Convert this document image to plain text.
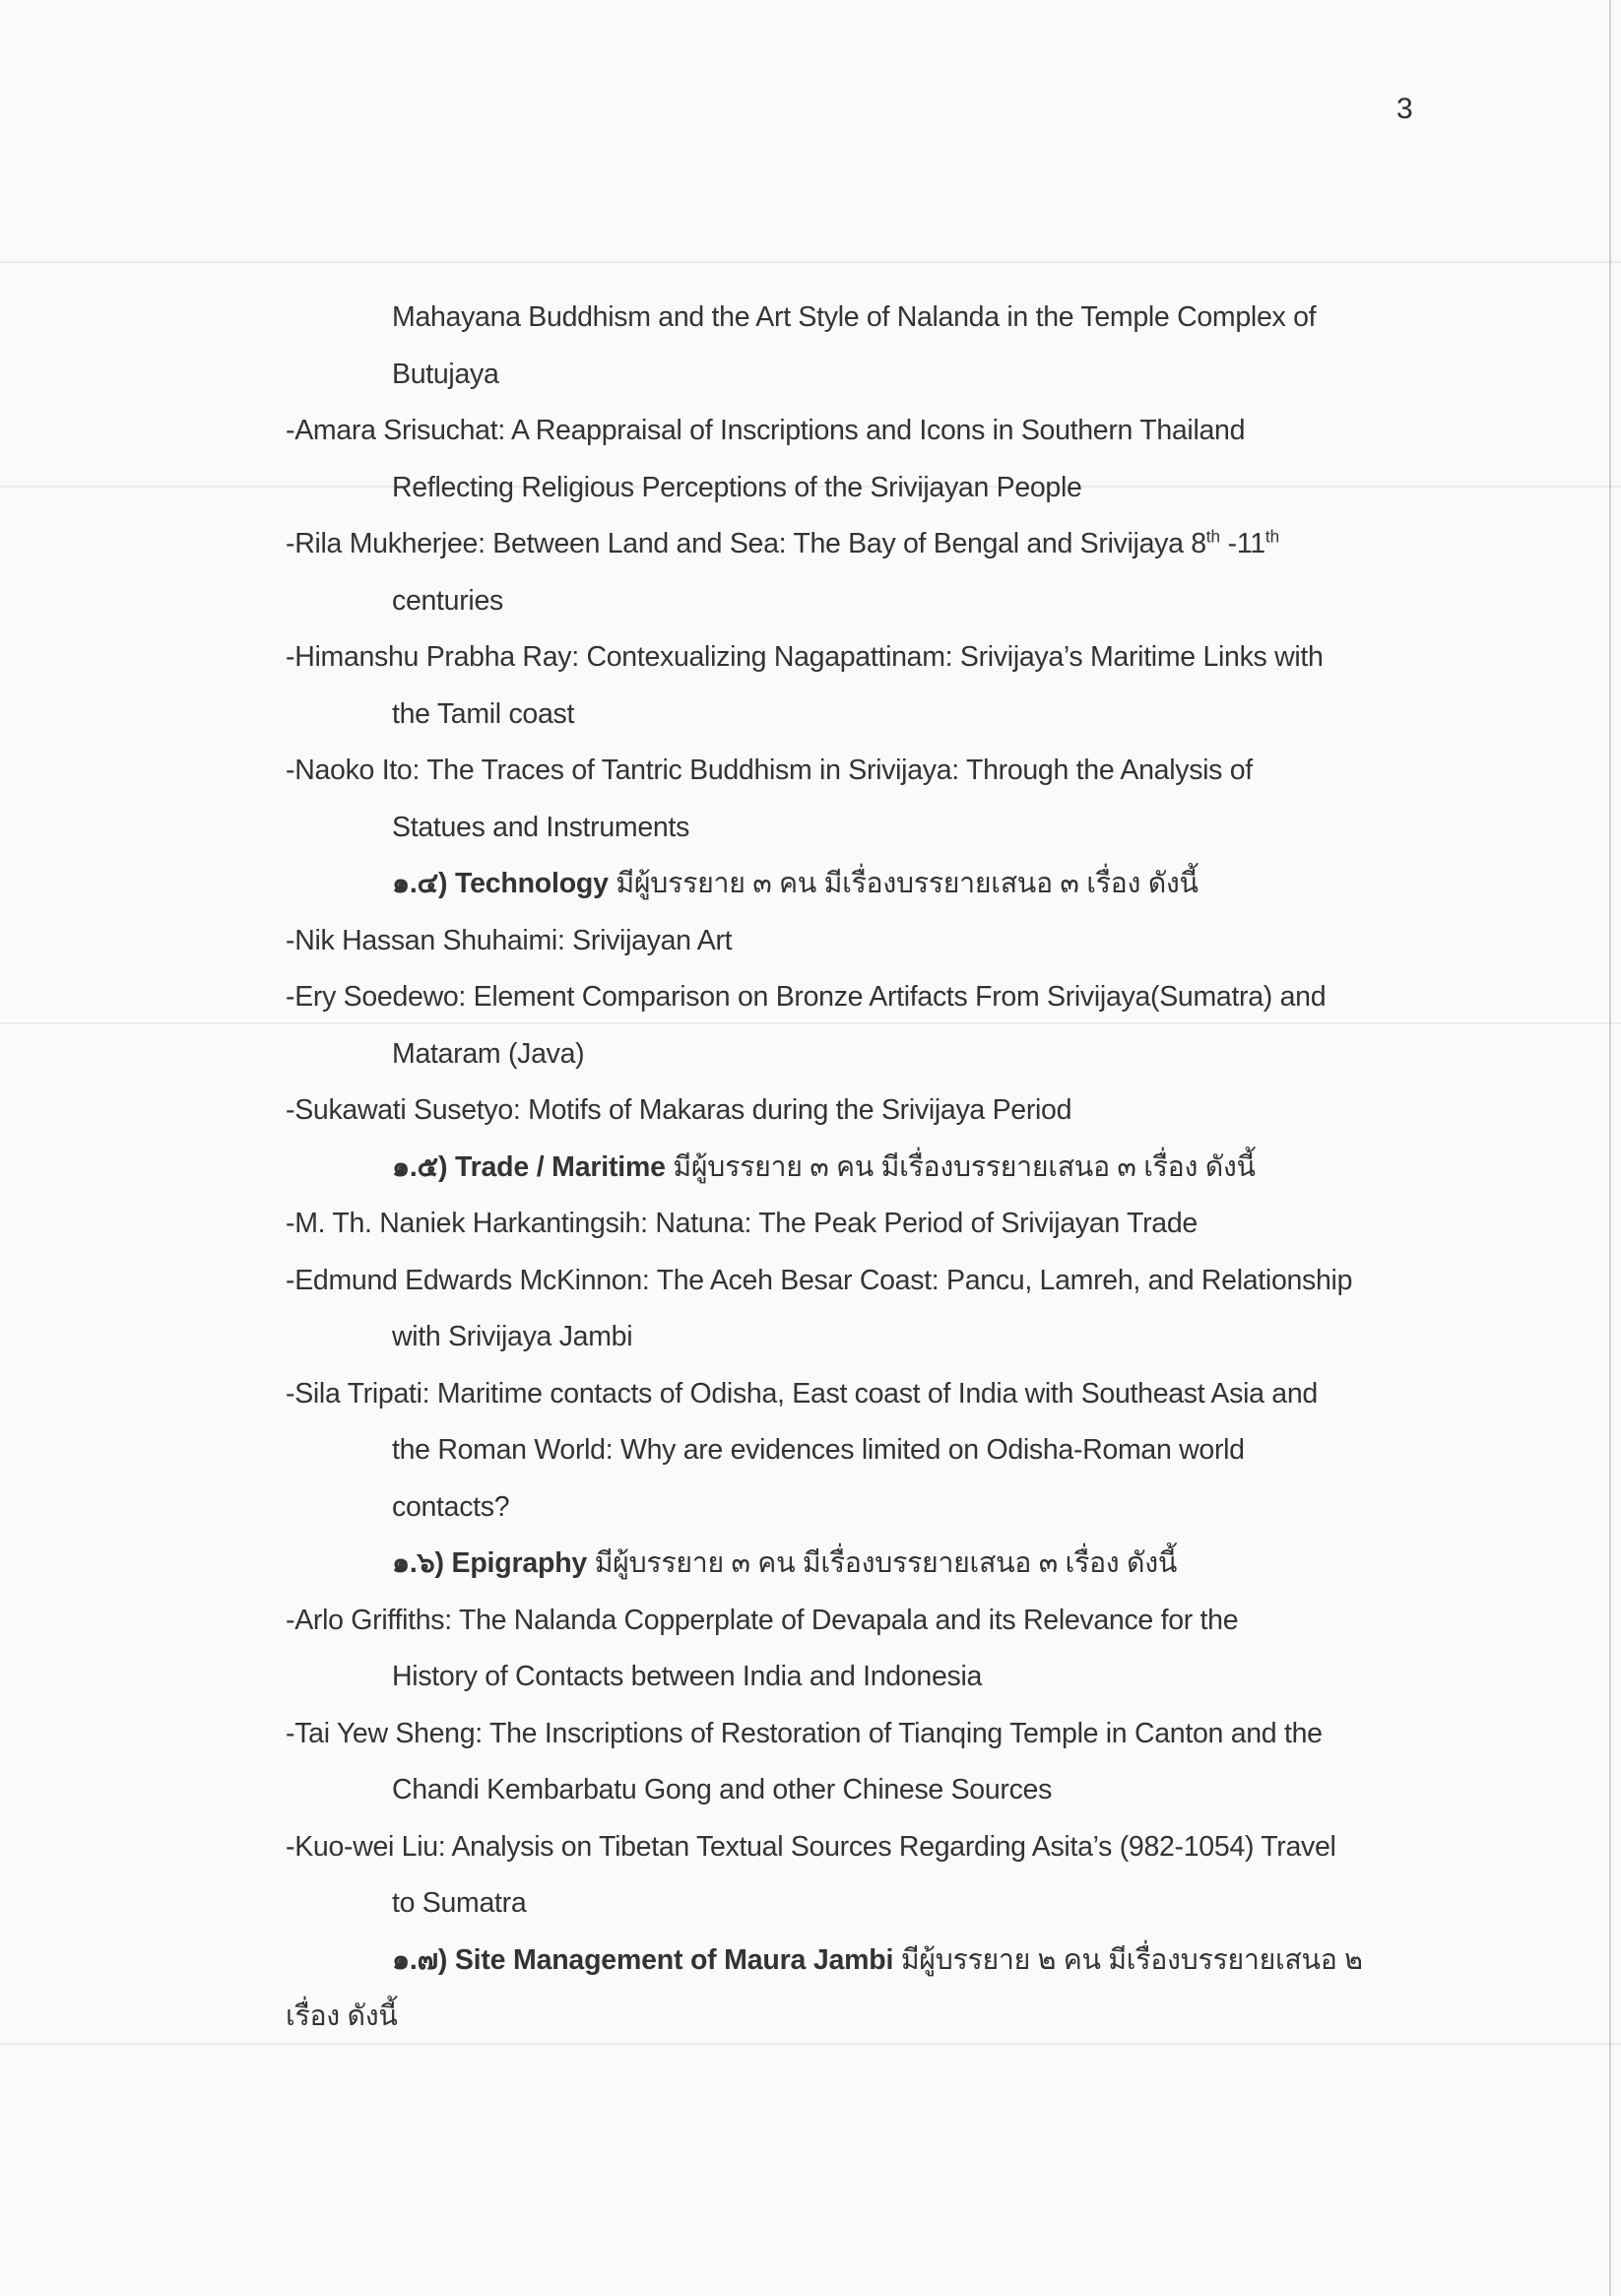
3
Mahayana Buddhism and the Art Style of Nalanda in the Temple Complex of
Butujaya
-Amara Srisuchat: A Reappraisal of Inscriptions and Icons in Southern Thailand
Reflecting Religious Perceptions of the Srivijayan People
-Rila Mukherjee: Between Land and Sea: The Bay of Bengal and Srivijaya 8th -11th
centuries
-Himanshu Prabha Ray: Contexualizing Nagapattinam: Srivijaya’s Maritime Links with
the Tamil coast
-Naoko Ito: The Traces of Tantric Buddhism in Srivijaya: Through the Analysis of
Statues and Instruments
๑.๔) Technology มีผู้บรรยาย ๓ คน มีเรื่องบรรยายเสนอ ๓ เรื่อง ดังนี้
-Nik Hassan Shuhaimi: Srivijayan Art
-Ery Soedewo: Element Comparison on Bronze Artifacts From Srivijaya(Sumatra) and
Mataram (Java)
-Sukawati Susetyo: Motifs of Makaras during the Srivijaya Period
๑.๕) Trade / Maritime มีผู้บรรยาย ๓ คน มีเรื่องบรรยายเสนอ ๓ เรื่อง ดังนี้
-M. Th. Naniek Harkantingsih: Natuna: The Peak Period of Srivijayan Trade
-Edmund Edwards McKinnon: The Aceh Besar Coast: Pancu, Lamreh, and Relationship
with Srivijaya Jambi
-Sila Tripati: Maritime contacts of Odisha, East coast of India with Southeast Asia and
the Roman World: Why are evidences limited on Odisha-Roman world
contacts?
๑.๖) Epigraphy มีผู้บรรยาย ๓ คน มีเรื่องบรรยายเสนอ ๓ เรื่อง ดังนี้
-Arlo Griffiths: The Nalanda Copperplate of Devapala and its Relevance for the
History of Contacts between India and Indonesia
-Tai Yew Sheng: The Inscriptions of Restoration of Tianqing Temple in Canton and the
Chandi Kembarbatu Gong and other Chinese Sources
-Kuo-wei Liu: Analysis on Tibetan Textual Sources Regarding Asita’s (982-1054) Travel
to Sumatra
๑.๗) Site Management of Maura Jambi มีผู้บรรยาย ๒ คน มีเรื่องบรรยายเสนอ ๒
เรื่อง ดังนี้
